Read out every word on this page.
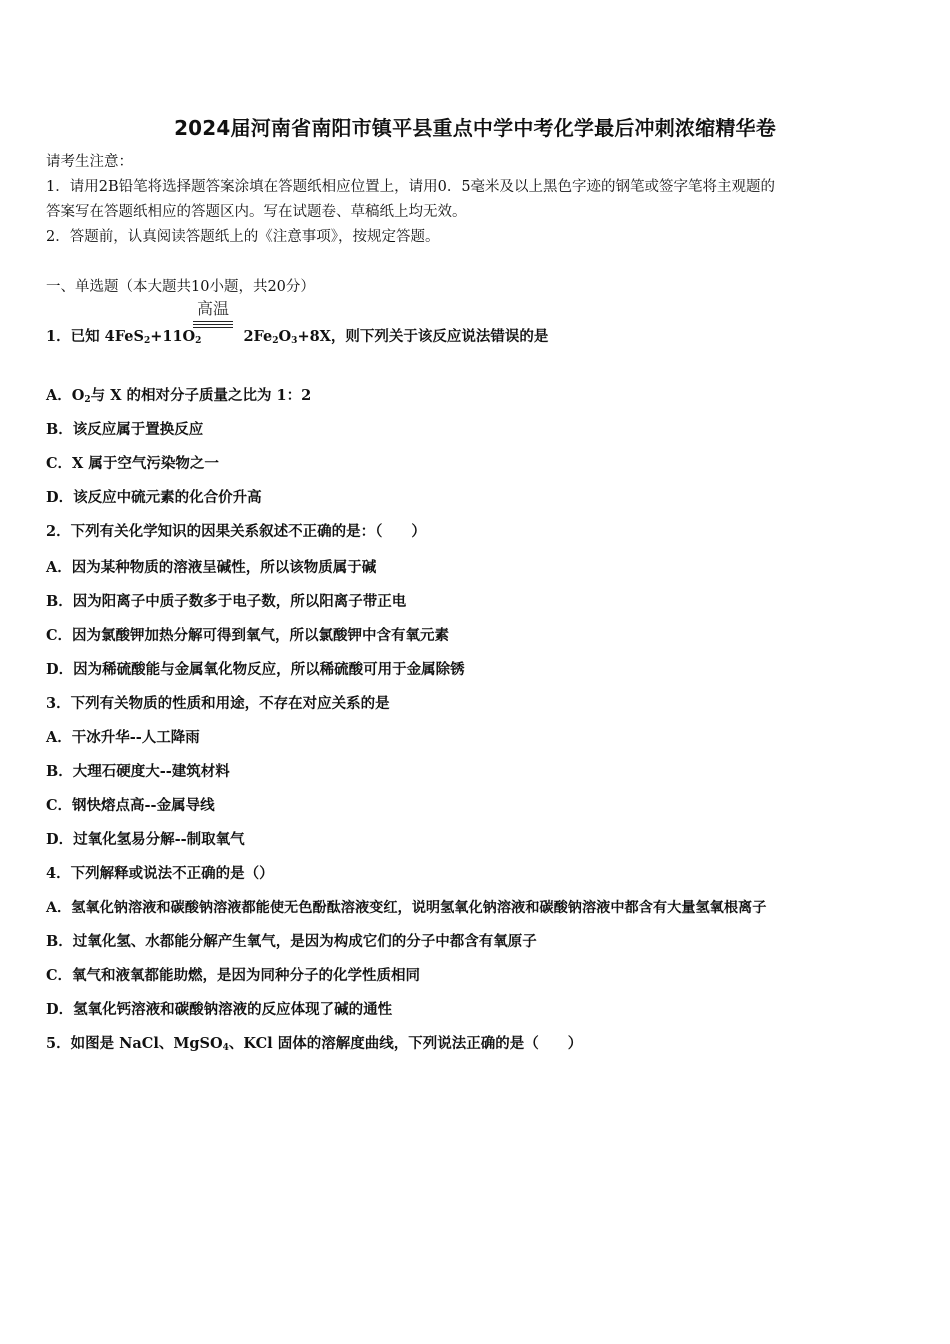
2024届河南省南阳市镇平县重点中学中考化学最后冲刺浓缩精华卷
请考生注意：
1．请用2B铅笔将选择题答案涂填在答题纸相应位置上，请用0．5毫米及以上黑色字迹的钢笔或签字笔将主观题的
答案写在答题纸相应的答题区内。写在试题卷、草稿纸上均无效。
2．答题前，认真阅读答题纸上的《注意事项》，按规定答题。
一、单选题（本大题共10小题，共20分）
高温
1．已知 $4FeS_2+11O_2$	$2Fe_2O_3+8X$，则下列关于该反应说法错误的是
A．$O_2$与 X 的相对分子质量之比为 1：2
B．该反应属于置换反应
C．X 属于空气污染物之一
D．该反应中硫元素的化合价升高
2．下列有关化学知识的因果关系叙述不正确的是：（　　）
A．因为某种物质的溶液呈碱性，所以该物质属于碱
B．因为阳离子中质子数多于电子数，所以阳离子带正电
C．因为氯酸钾加热分解可得到氧气，所以氯酸钾中含有氧元素
D．因为稀硫酸能与金属氧化物反应，所以稀硫酸可用于金属除锈
3．下列有关物质的性质和用途，不存在对应关系的是
A．干冰升华--人工降雨
B．大理石硬度大--建筑材料
C．钢快熔点高--金属导线
D．过氧化氢易分解--制取氧气
4．下列解释或说法不正确的是（）
A．氢氧化钠溶液和碳酸钠溶液都能使无色酚酞溶液变红，说明氢氧化钠溶液和碳酸钠溶液中都含有大量氢氧根离子
B．过氧化氢、水都能分解产生氧气，是因为构成它们的分子中都含有氧原子
C．氧气和液氧都能助燃，是因为同种分子的化学性质相同
D．氢氧化钙溶液和碳酸钠溶液的反应体现了碱的通性
5．如图是 NaCl、MgSO$_4$、KCl 固体的溶解度曲线，下列说法正确的是（　　）
